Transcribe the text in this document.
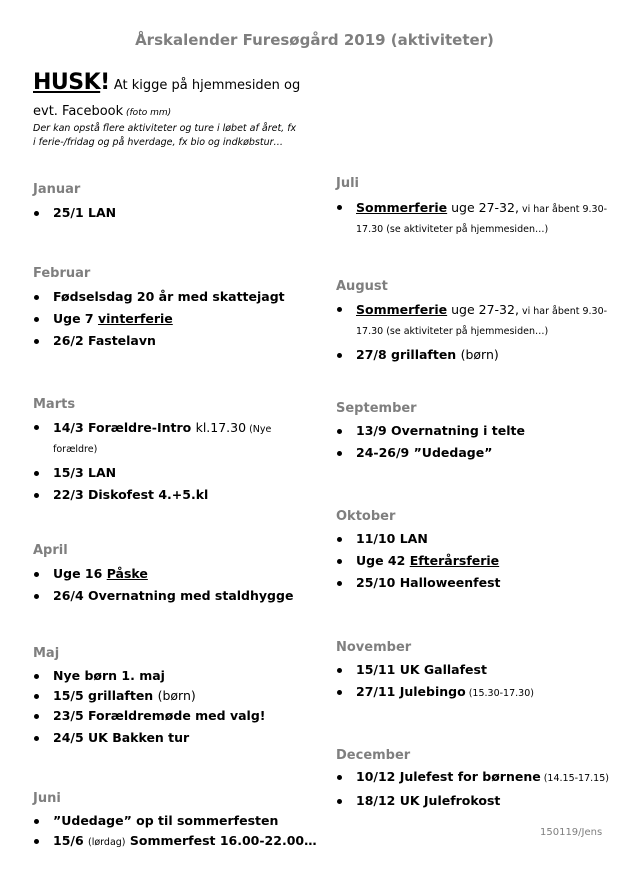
Årskalender Furesøgård 2019 (aktiviteter)
HUSK! At kigge på hjemmesiden og
evt. Facebook (foto mm)
Der kan opstå flere aktiviteter og ture i løbet af året, fx
i ferie-/fridag og på hverdage, fx bio og indkøbstur…
Januar
25/1 LAN
Februar
Fødselsdag 20 år med skattejagt
Uge 7 vinterferie
26/2 Fastelavn
Marts
14/3 Forældre-Intro kl.17.30 (Nye
forældre)
15/3 LAN
22/3 Diskofest 4.+5.kl
April
Uge 16 Påske
26/4 Overnatning med staldhygge
Maj
Nye børn 1. maj
15/5 grillaften (børn)
23/5 Forældremøde med valg!
24/5 UK Bakken tur
Juni
”Udedage” op til sommerfesten
15/6 (lørdag) Sommerfest 16.00-22.00…
Juli
Sommerferie uge 27-32, vi har åbent 9.30-
17.30 (se aktiviteter på hjemmesiden…)
August
Sommerferie uge 27-32, vi har åbent 9.30-
17.30 (se aktiviteter på hjemmesiden…)
27/8 grillaften (børn)
September
13/9 Overnatning i telte
24-26/9 ”Udedage”
Oktober
11/10 LAN
Uge 42 Efterårsferie
25/10 Halloweenfest
November
15/11 UK Gallafest
27/11 Julebingo (15.30-17.30)
December
10/12 Julefest for børnene (14.15-17.15)
18/12 UK Julefrokost
150119/Jens
